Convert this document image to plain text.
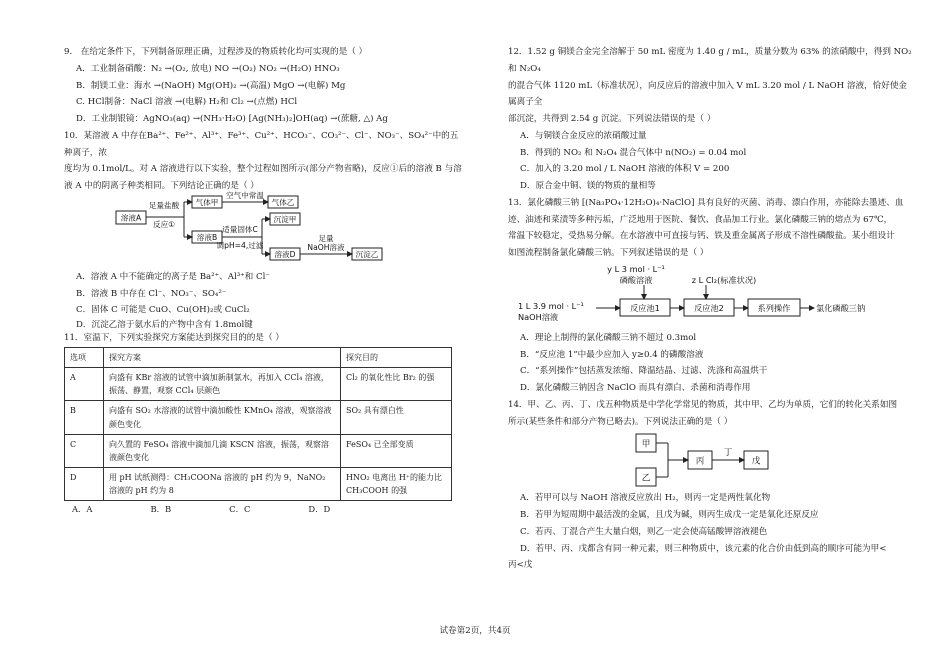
9． 在给定条件下，下列制备原理正确，过程涉及的物质转化均可实现的是（ ）

A．工业制备硝酸：N₂ →(O₂, 放电) NO →(O₂) NO₂ →(H₂O) HNO₃

B．制镁工业：海水 →(NaOH) Mg(OH)₂ →(高温) MgO →(电解) Mg

C. HCl制备：NaCl 溶液 →(电解) H₂和 Cl₂ →(点燃) HCl

D．工业制银镜：AgNO₃(aq) →(NH₃·H₂O) [Ag(NH₃)₂]OH(aq) →(蔗糖, △) Ag

10．某溶液 A 中存在Ba²⁺、Fe²⁺、Al³⁺、Fe³⁺、Cu²⁺、HCO₃⁻、CO₃²⁻、Cl⁻、NO₃⁻、SO₄²⁻中的五种离子，浓

度均为 0.1mol/L。对 A 溶液进行以下实验，整个过程如图所示(部分产物省略)，反应①后的溶液 B 与溶

液 A 中的阴离子种类相同。下列结论正确的是（ ）

溶液A
足量盐酸
反应①
气体甲
空气中常温
气体乙
溶液B
适量固体C
调pH=4,过滤
沉淀甲
溶液D
足量
NaOH溶液
沉淀乙

A．溶液 A 中不能确定的离子是 Ba²⁺、Al³⁺和 Cl⁻

B．溶液 B 中存在 Cl⁻、NO₃⁻、SO₄²⁻

C．固体 C 可能是 CuO、Cu(OH)₂或 CuCl₂

D．沉淀乙溶于氨水后的产物中含有 1.8mol键

11．室温下，下列实验探究方案能达到探究目的的是（ ）

选项	探究方案	探究目的
A	向盛有 KBr 溶液的试管中滴加新制氯水，再加入 CCl₄ 溶液，振荡、静置，观察 CCl₄ 层颜色	Cl₂ 的氧化性比 Br₂ 的强
B	向盛有 SO₂ 水溶液的试管中滴加酸性 KMnO₄ 溶液，观察溶液颜色变化	SO₂ 具有漂白性
C	向久置的 FeSO₄ 溶液中滴加几滴 KSCN 溶液，振荡，观察溶液颜色变化	FeSO₄ 已全部变质
D	用 pH 试纸测得：CH₃COONa 溶液的 pH 约为 9，NaNO₂ 溶液的 pH 约为 8	HNO₂ 电离出 H⁺的能力比 CH₃COOH 的强
A．A	B．B	C．C	D．D

12．1.52 g 铜镁合金完全溶解于 50 mL 密度为 1.40 g / mL，质量分数为 63% 的浓硝酸中，得到 NO₂ 和 N₂O₄

的混合气体 1120 mL（标准状况），向反应后的溶液中加入 V mL 3.20 mol / L NaOH 溶液，恰好使金属离子全

部沉淀，共得到 2.54 g 沉淀。下列说法错误的是（ ）

A．与铜镁合金反应的浓硝酸过量

B．得到的 NO₂ 和 N₂O₄ 混合气体中 n(NO₂) = 0.04 mol

C．加入的 3.20 mol / L NaOH 溶液的体积 V = 200

D．原合金中铜、镁的物质的量相等

13．氯化磷酸三钠 [(Na₃PO₄·12H₂O)₄·NaClO] 具有良好的灭菌、消毒、漂白作用，亦能除去墨迹、血

迹、油迹和菜渍等多种污垢，广泛地用于医院、餐饮、食品加工行业。氯化磷酸三钠的熔点为 67℃，

常温下较稳定，受热易分解。在水溶液中可直接与钙、铁及重金属离子形成不溶性磷酸盐。某小组设计

如图流程制备氯化磷酸三钠。下列叙述错误的是（ ）

y L 3 mol · L⁻¹
磷酸溶液	z L Cl₂(标准状况)
1 L 3.9 mol · L⁻¹
NaOH溶液
反应池1	反应池2	系列操作	氯化磷酸三钠

A．理论上制得的氯化磷酸三钠不超过 0.3mol

B．“反应池 1”中最少应加入 y≥0.4 的磷酸溶液

C．“系列操作”包括蒸发浓缩、降温结晶、过滤、洗涤和高温烘干

D．氯化磷酸三钠因含 NaClO 而具有漂白、杀菌和消毒作用

14．甲、乙、丙、丁、戊五种物质是中学化学常见的物质，其中甲、乙均为单质，它们的转化关系如图

所示(某些条件和部分产物已略去)。下列说法正确的是（ ）

甲
乙
丙
丁
戊

A．若甲可以与 NaOH 溶液反应放出 H₂，则丙一定是两性氧化物

B．若甲为短周期中最活泼的金属，且戊为碱，则丙生成戊一定是氧化还原反应

C．若丙、丁混合产生大量白烟，则乙一定会使高锰酸钾溶液褪色

D．若甲、丙、戊都含有同一种元素，则三种物质中，该元素的化合价由低到高的顺序可能为甲<

丙<戊

试卷第2页，共4页
